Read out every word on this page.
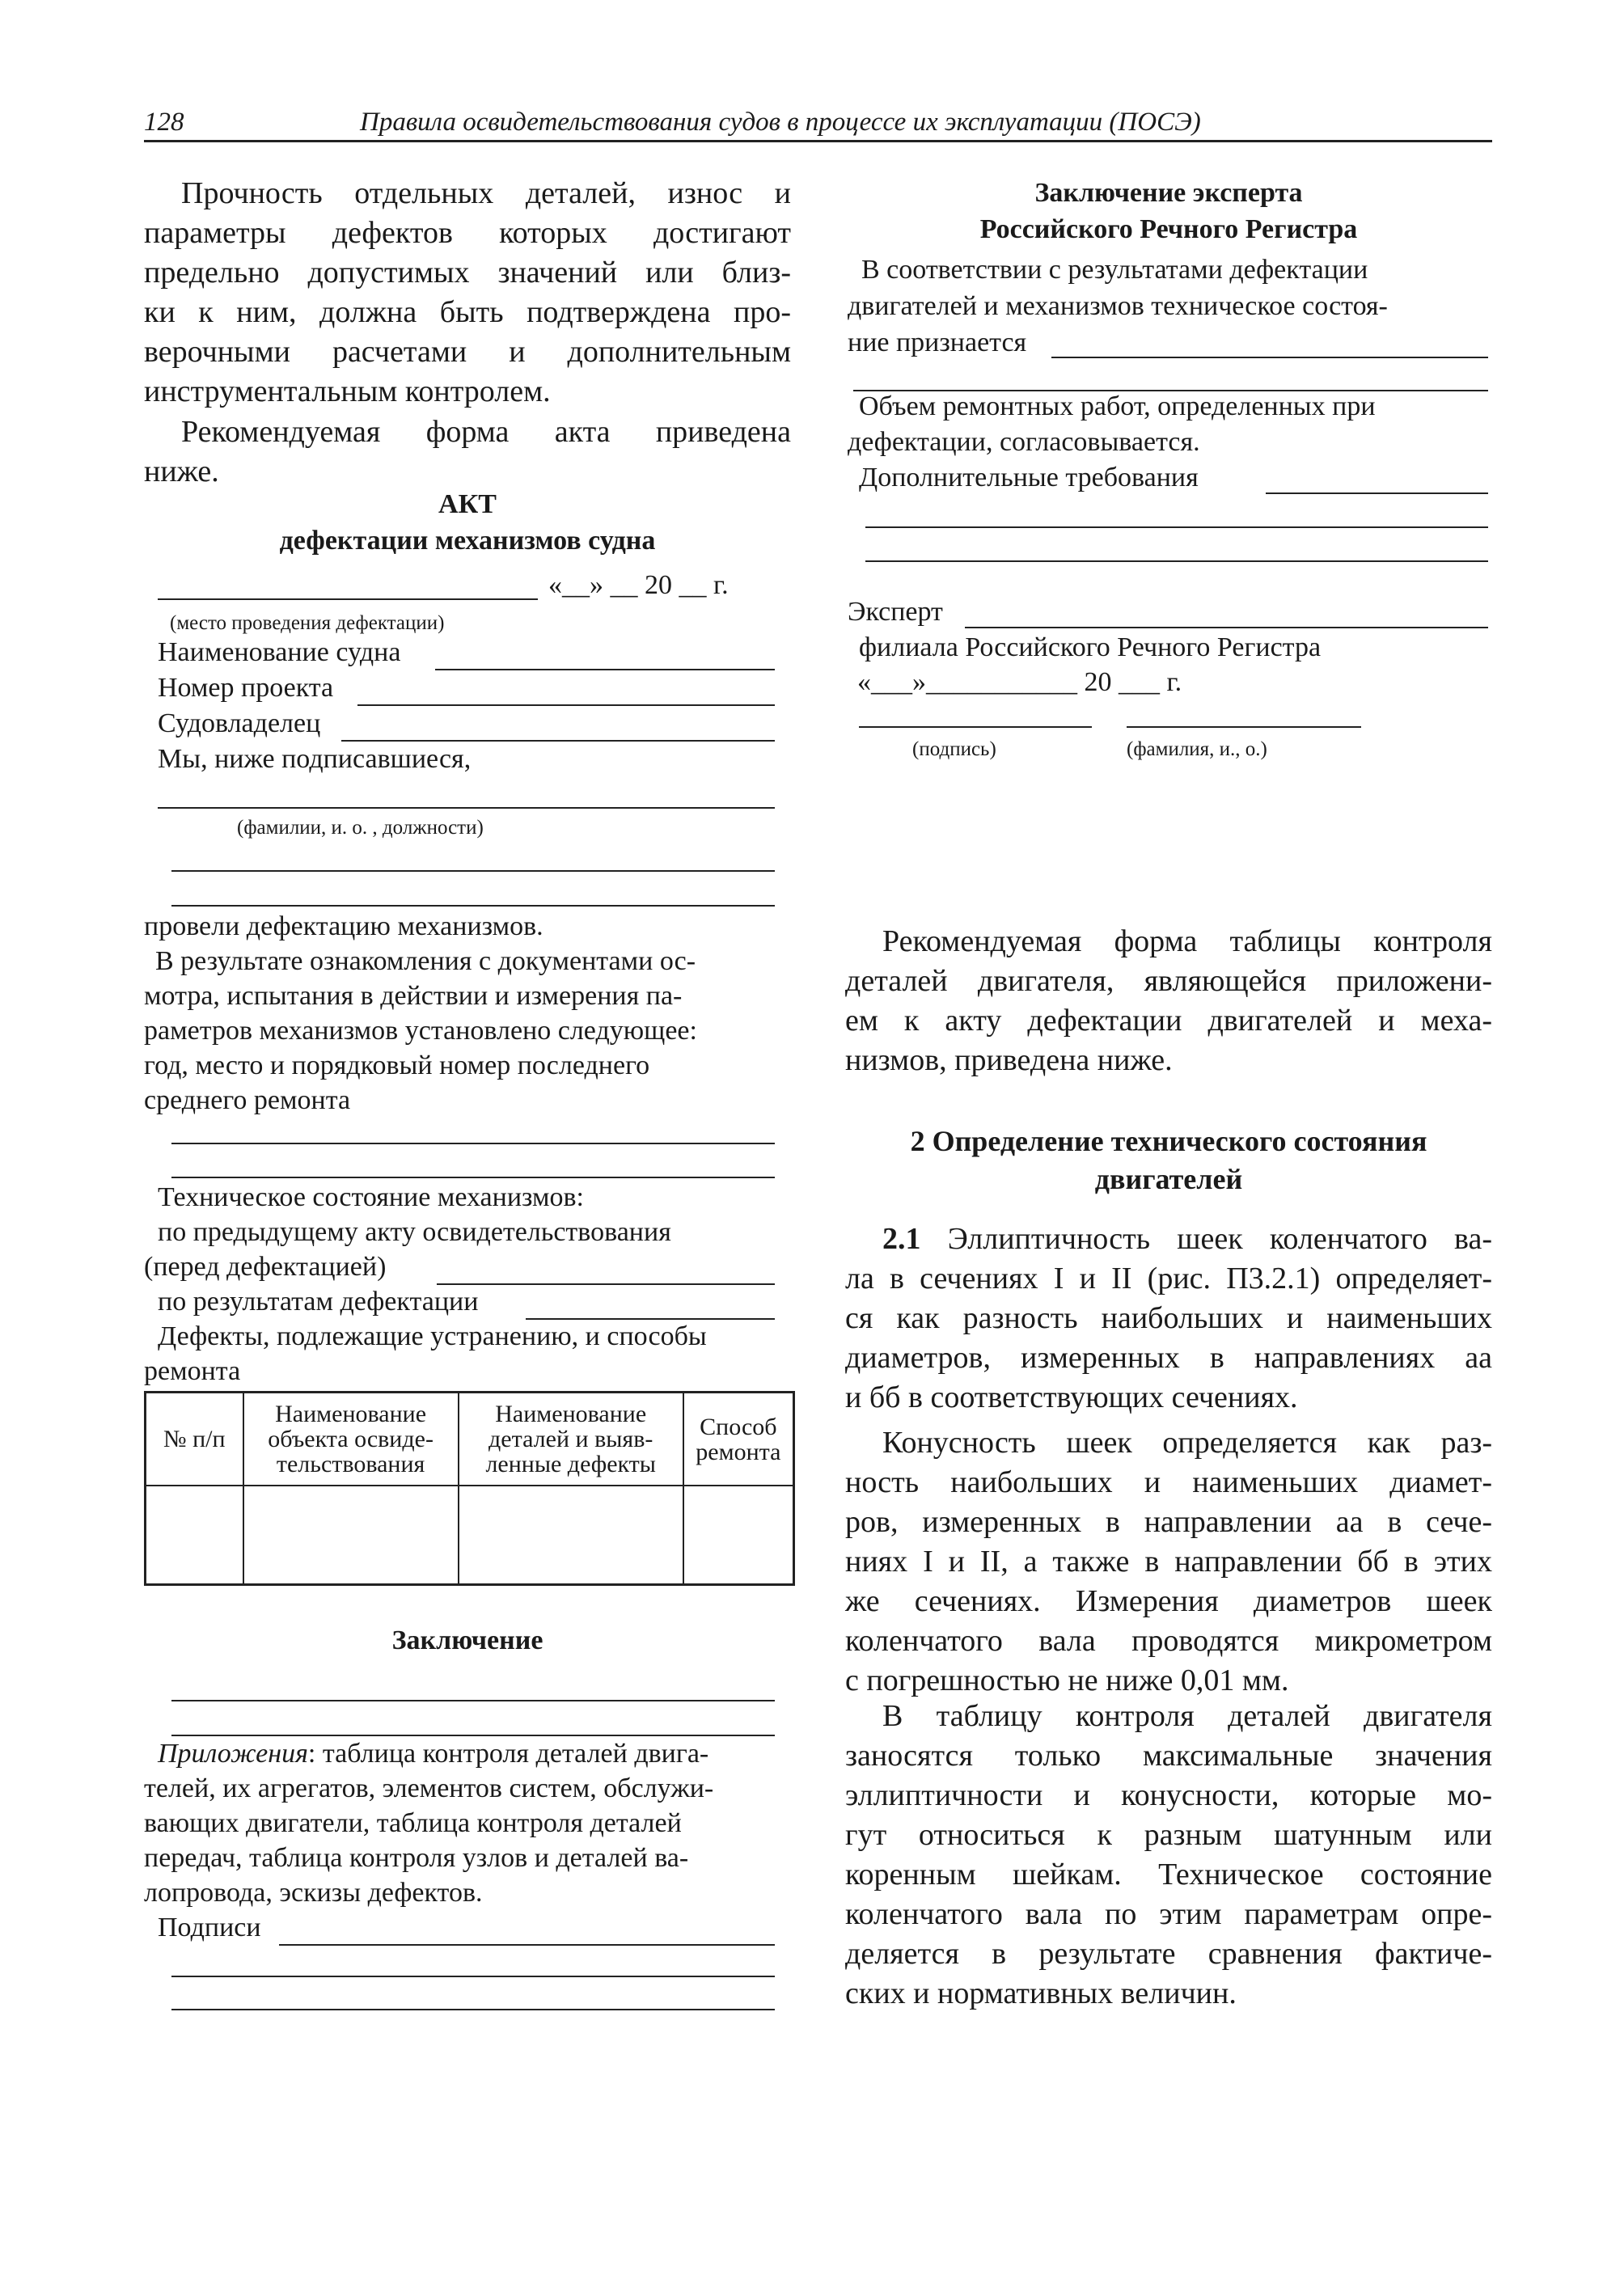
128	Правила освидетельствования судов в процессе их эксплуатации (ПОСЭ)
Прочность отдельных деталей, износ и
параметры дефектов которых достигают
предельно допустимых значений или близ-
ки к ним, должна быть подтверждена про-
верочными расчетами и дополнительным
инструментальным контролем.
Рекомендуемая форма акта приведена
ниже.
АКТ
дефектации механизмов судна
«__» __ 20 __ г.
(место проведения дефектации)
Наименование судна
Номер проекта
Судовладелец
Мы, ниже подписавшиеся,
(фамилии, и. о. , должности)
провели дефектацию механизмов.
В результате ознакомления с документами ос-
мотра, испытания в действии и измерения па-
раметров механизмов установлено следующее:
год, место и порядковый номер последнего
среднего ремонта
Техническое состояние механизмов:
по предыдущему акту освидетельствования
(перед дефектацией)
по результатам дефектации
Дефекты, подлежащие устранению, и способы
ремонта
№ п/п	Наименование объекта освиде-тельствования	Наименование деталей и выяв-ленные дефекты	Способ ремонта

Заключение
Приложения: таблица контроля деталей двига-
телей, их агрегатов, элементов систем, обслужи-
вающих двигатели, таблица контроля деталей
передач, таблица контроля узлов и деталей ва-
лопровода, эскизы дефектов.
Подписи
Заключение эксперта
Российского Речного Регистра
В соответствии с результатами дефектации
двигателей и механизмов техническое состоя-
ние признается
Объем ремонтных работ, определенных при
дефектации, согласовывается.
Дополнительные требования
Эксперт
филиала Российского Речного Регистра
«___»___________ 20 ___ г.
(подпись)	(фамилия, и., о.)
Рекомендуемая форма таблицы контроля
деталей двигателя, являющейся приложени-
ем к акту дефектации двигателей и меха-
низмов, приведена ниже.
2 Определение технического состояния
двигателей
2.1 Эллиптичность шеек коленчатого ва-
ла в сечениях I и II (рис. П3.2.1) определяет-
ся как разность наибольших и наименьших
диаметров, измеренных в направлениях аа
и бб в соответствующих сечениях.
Конусность шеек определяется как раз-
ность наибольших и наименьших диамет-
ров, измеренных в направлении аа в сече-
ниях I и II, а также в направлении бб в этих
же сечениях. Измерения диаметров шеек
коленчатого вала проводятся микрометром
с погрешностью не ниже 0,01 мм.
В таблицу контроля деталей двигателя
заносятся только максимальные значения
эллиптичности и конусности, которые мо-
гут относиться к разным шатунным или
коренным шейкам. Техническое состояние
коленчатого вала по этим параметрам опре-
деляется в результате сравнения фактиче-
ских и нормативных величин.
